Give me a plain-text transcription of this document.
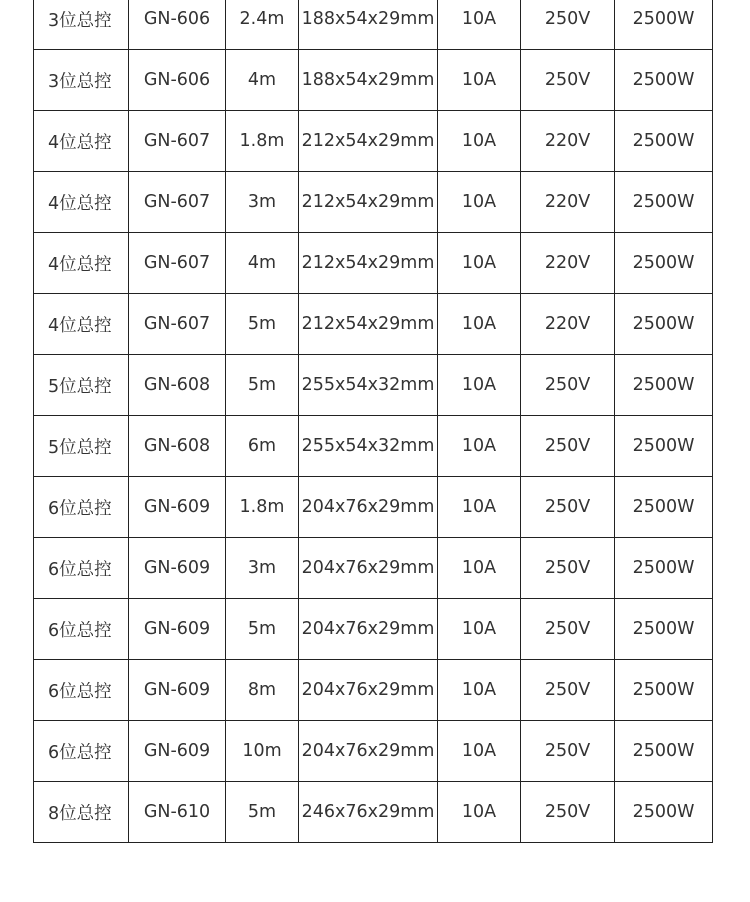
3位总控	GN-606	2.4m	188x54x29mm	10A	250V	2500W
3位总控	GN-606	4m	188x54x29mm	10A	250V	2500W
4位总控	GN-607	1.8m	212x54x29mm	10A	220V	2500W
4位总控	GN-607	3m	212x54x29mm	10A	220V	2500W
4位总控	GN-607	4m	212x54x29mm	10A	220V	2500W
4位总控	GN-607	5m	212x54x29mm	10A	220V	2500W
5位总控	GN-608	5m	255x54x32mm	10A	250V	2500W
5位总控	GN-608	6m	255x54x32mm	10A	250V	2500W
6位总控	GN-609	1.8m	204x76x29mm	10A	250V	2500W
6位总控	GN-609	3m	204x76x29mm	10A	250V	2500W
6位总控	GN-609	5m	204x76x29mm	10A	250V	2500W
6位总控	GN-609	8m	204x76x29mm	10A	250V	2500W
6位总控	GN-609	10m	204x76x29mm	10A	250V	2500W
8位总控	GN-610	5m	246x76x29mm	10A	250V	2500W
